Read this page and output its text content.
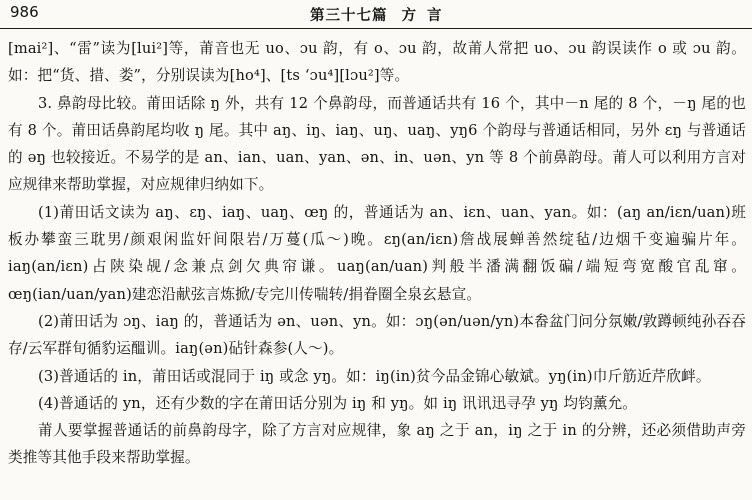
986	第三十七篇 方 言

[mai²]、“雷”读为[lui²]等，莆音也无 uo、ɔu 韵，有 o、ɔu 韵，故莆人常把 uo、ɔu 韵误读作 o 或 ɔu 韵。如：把“货、措、娄”，分别误读为[ho⁴]、[ts ʻɔu⁴][lɔu²]等。

3. 鼻韵母比较。莆田话除 ŋ 外，共有 12 个鼻韵母，而普通话共有 16 个，其中－n 尾的 8 个，－ŋ 尾的也有 8 个。莆田话鼻韵尾均收 ŋ 尾。其中 aŋ、iŋ、iaŋ、uŋ、uaŋ、yŋ6 个韵母与普通话相同，另外 ɛŋ 与普通话的 əŋ 也较接近。不易学的是 an、ian、uan、yan、ən、in、uən、yn 等 8 个前鼻韵母。莆人可以利用方言对应规律来帮助掌握，对应规律归纳如下。

(1)莆田话文读为 aŋ、ɛŋ、iaŋ、uaŋ、œŋ 的，普通话为 an、iɛn、uan、yan。如：(aŋ an/iɛn/uan)班板办攀蛮三耽男/颜艰闲监奸间限岩/万蔓(瓜～)晚。ɛŋ(an/iɛn)詹战展蝉善然绽毡/边烟千变遍骗片年。iaŋ(an/iɛn)占陕染觇/念兼点剑欠典帘谦。uaŋ(an/uan)判般半潘满翻饭碥/端短弯宽酸官乱窜。œŋ(ian/uan/yan)建恋沿献弦言炼掀/专完川传喘转/捐眷圈全泉玄悬宣。

(2)莆田话为 ɔŋ、iaŋ 的，普通话为 ən、uən、yn。如：ɔŋ(ən/uən/yn)本畚盆门问分氛嫩/敦蹲顿纯孙吞吞存/云军群旬循豹运醞训。iaŋ(ən)砧针森参(人～)。

(3)普通话的 in，莆田话或混同于 iŋ 或念 yŋ。如：iŋ(in)贫今品金锦心敏斌。yŋ(in)巾斤筋近芹欣衅。

(4)普通话的 yn，还有少数的字在莆田话分别为 iŋ 和 yŋ。如 iŋ 讯讯迅寻孕 yŋ 均钧薰允。

莆人要掌握普通话的前鼻韵母字，除了方言对应规律，象 aŋ 之于 an，iŋ 之于 in 的分辨，还必须借助声旁类推等其他手段来帮助掌握。
